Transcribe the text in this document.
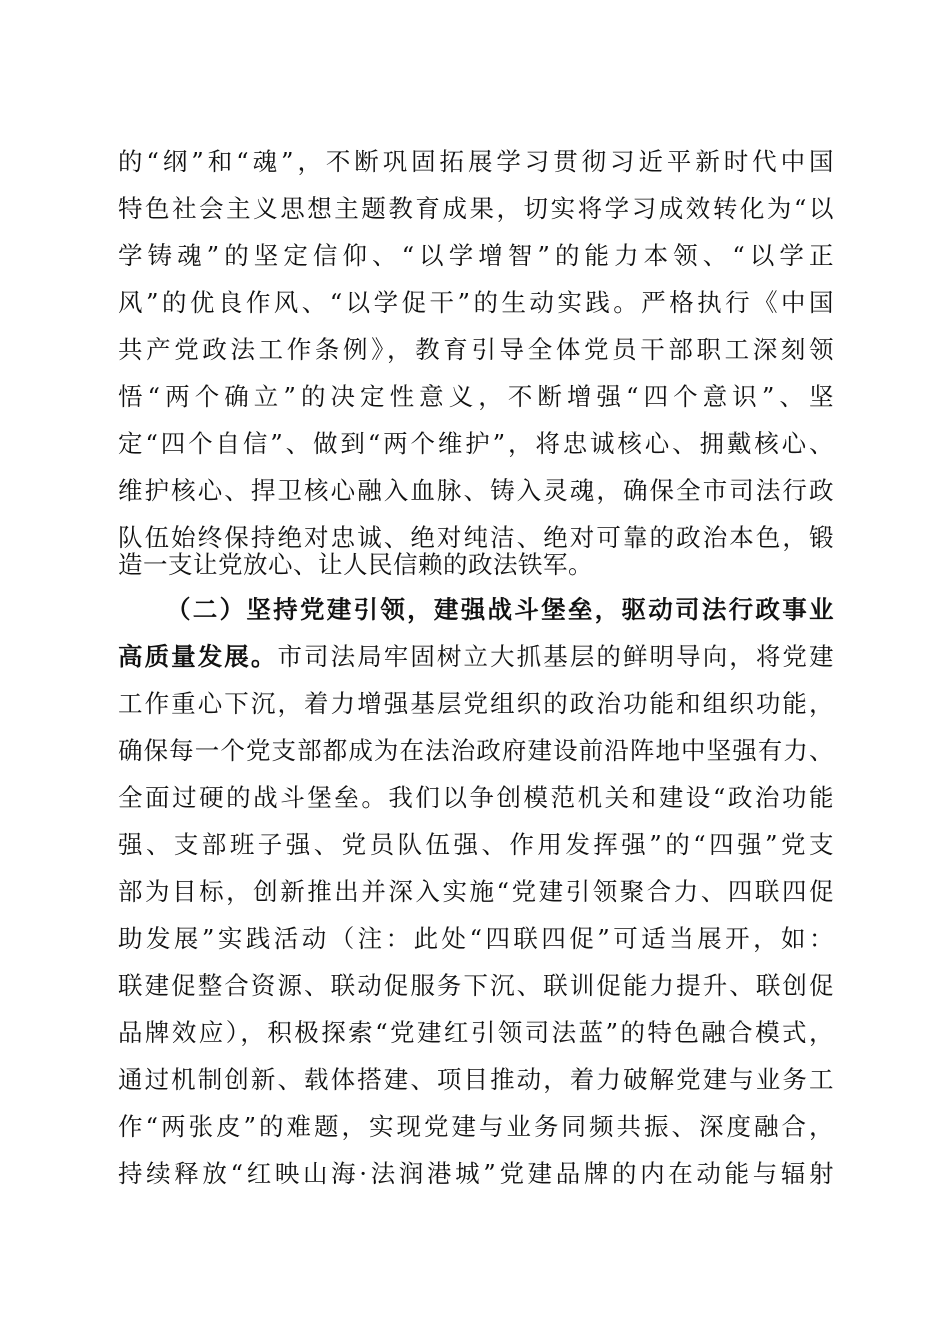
的“纲”和“魂”，不断巩固拓展学习贯彻习近平新时代中国
特色社会主义思想主题教育成果，切实将学习成效转化为“以
学铸魂”的坚定信仰、“以学增智”的能力本领、“以学正
风”的优良作风、“以学促干”的生动实践。严格执行《中国
共产党政法工作条例》，教育引导全体党员干部职工深刻领
悟“两个确立”的决定性意义，不断增强“四个意识”、坚
定“四个自信”、做到“两个维护”，将忠诚核心、拥戴核心、
维护核心、捍卫核心融入血脉、铸入灵魂，确保全市司法行政
队伍始终保持绝对忠诚、绝对纯洁、绝对可靠的政治本色，锻
造一支让党放心、让人民信赖的政法铁军。
（二）坚持党建引领，建强战斗堡垒，驱动司法行政事业
高质量发展。市司法局牢固树立大抓基层的鲜明导向，将党建
工作重心下沉，着力增强基层党组织的政治功能和组织功能，
确保每一个党支部都成为在法治政府建设前沿阵地中坚强有力、
全面过硬的战斗堡垒。我们以争创模范机关和建设“政治功能
强、支部班子强、党员队伍强、作用发挥强”的“四强”党支
部为目标，创新推出并深入实施“党建引领聚合力、四联四促
助发展”实践活动（注：此处“四联四促”可适当展开，如：
联建促整合资源、联动促服务下沉、联训促能力提升、联创促
品牌效应），积极探索“党建红引领司法蓝”的特色融合模式，
通过机制创新、载体搭建、项目推动，着力破解党建与业务工
作“两张皮”的难题，实现党建与业务同频共振、深度融合，
持续释放“红映山海·法润港城”党建品牌的内在动能与辐射
